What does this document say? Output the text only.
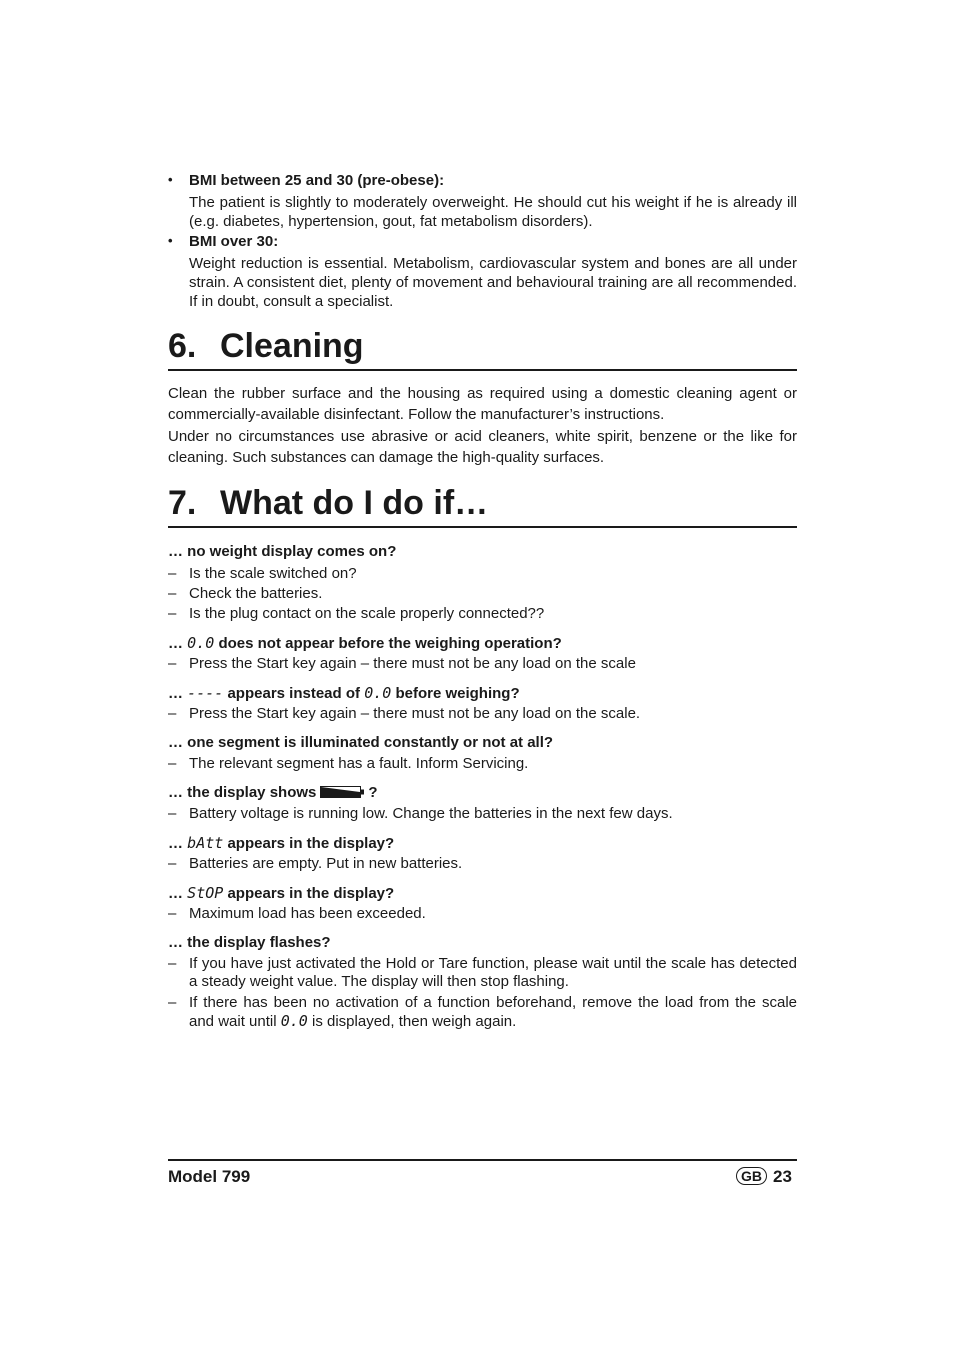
• BMI between 25 and 30 (pre-obese):
The patient is slightly to moderately overweight. He should cut his weight if he is already ill (e.g. diabetes, hypertension, gout, fat metabolism disorders).
• BMI over 30:
Weight reduction is essential. Metabolism, cardiovascular system and bones are all under strain. A consistent diet, plenty of movement and behavioural training are all recommended. If in doubt, consult a specialist.
6. Cleaning
Clean the rubber surface and the housing as required using a domestic cleaning agent or commercially-available disinfectant. Follow the manufacturer’s instructions.
Under no circumstances use abrasive or acid cleaners, white spirit, benzene or the like for cleaning. Such substances can damage the high-quality surfaces.
7. What do I do if…
… no weight display comes on?
– Is the scale switched on?
– Check the batteries.
– Is the plug contact on the scale properly connected??
… 0.0 does not appear before the weighing operation?
– Press the Start key again – there must not be any load on the scale
… ---- appears instead of 0.0 before weighing?
– Press the Start key again – there must not be any load on the scale.
… one segment is illuminated constantly or not at all?
– The relevant segment has a fault. Inform Servicing.
… the display shows	?
– Battery voltage is running low. Change the batteries in the next few days.
… bAtt appears in the display?
– Batteries are empty. Put in new batteries.
… StOP appears in the display?
– Maximum load has been exceeded.
… the display flashes?
– If you have just activated the Hold or Tare function, please wait until the scale has detected a steady weight value. The display will then stop flashing.
– If there has been no activation of a function beforehand, remove the load from the scale and wait until 0.0 is displayed, then weigh again.
Model 799	GB 23
